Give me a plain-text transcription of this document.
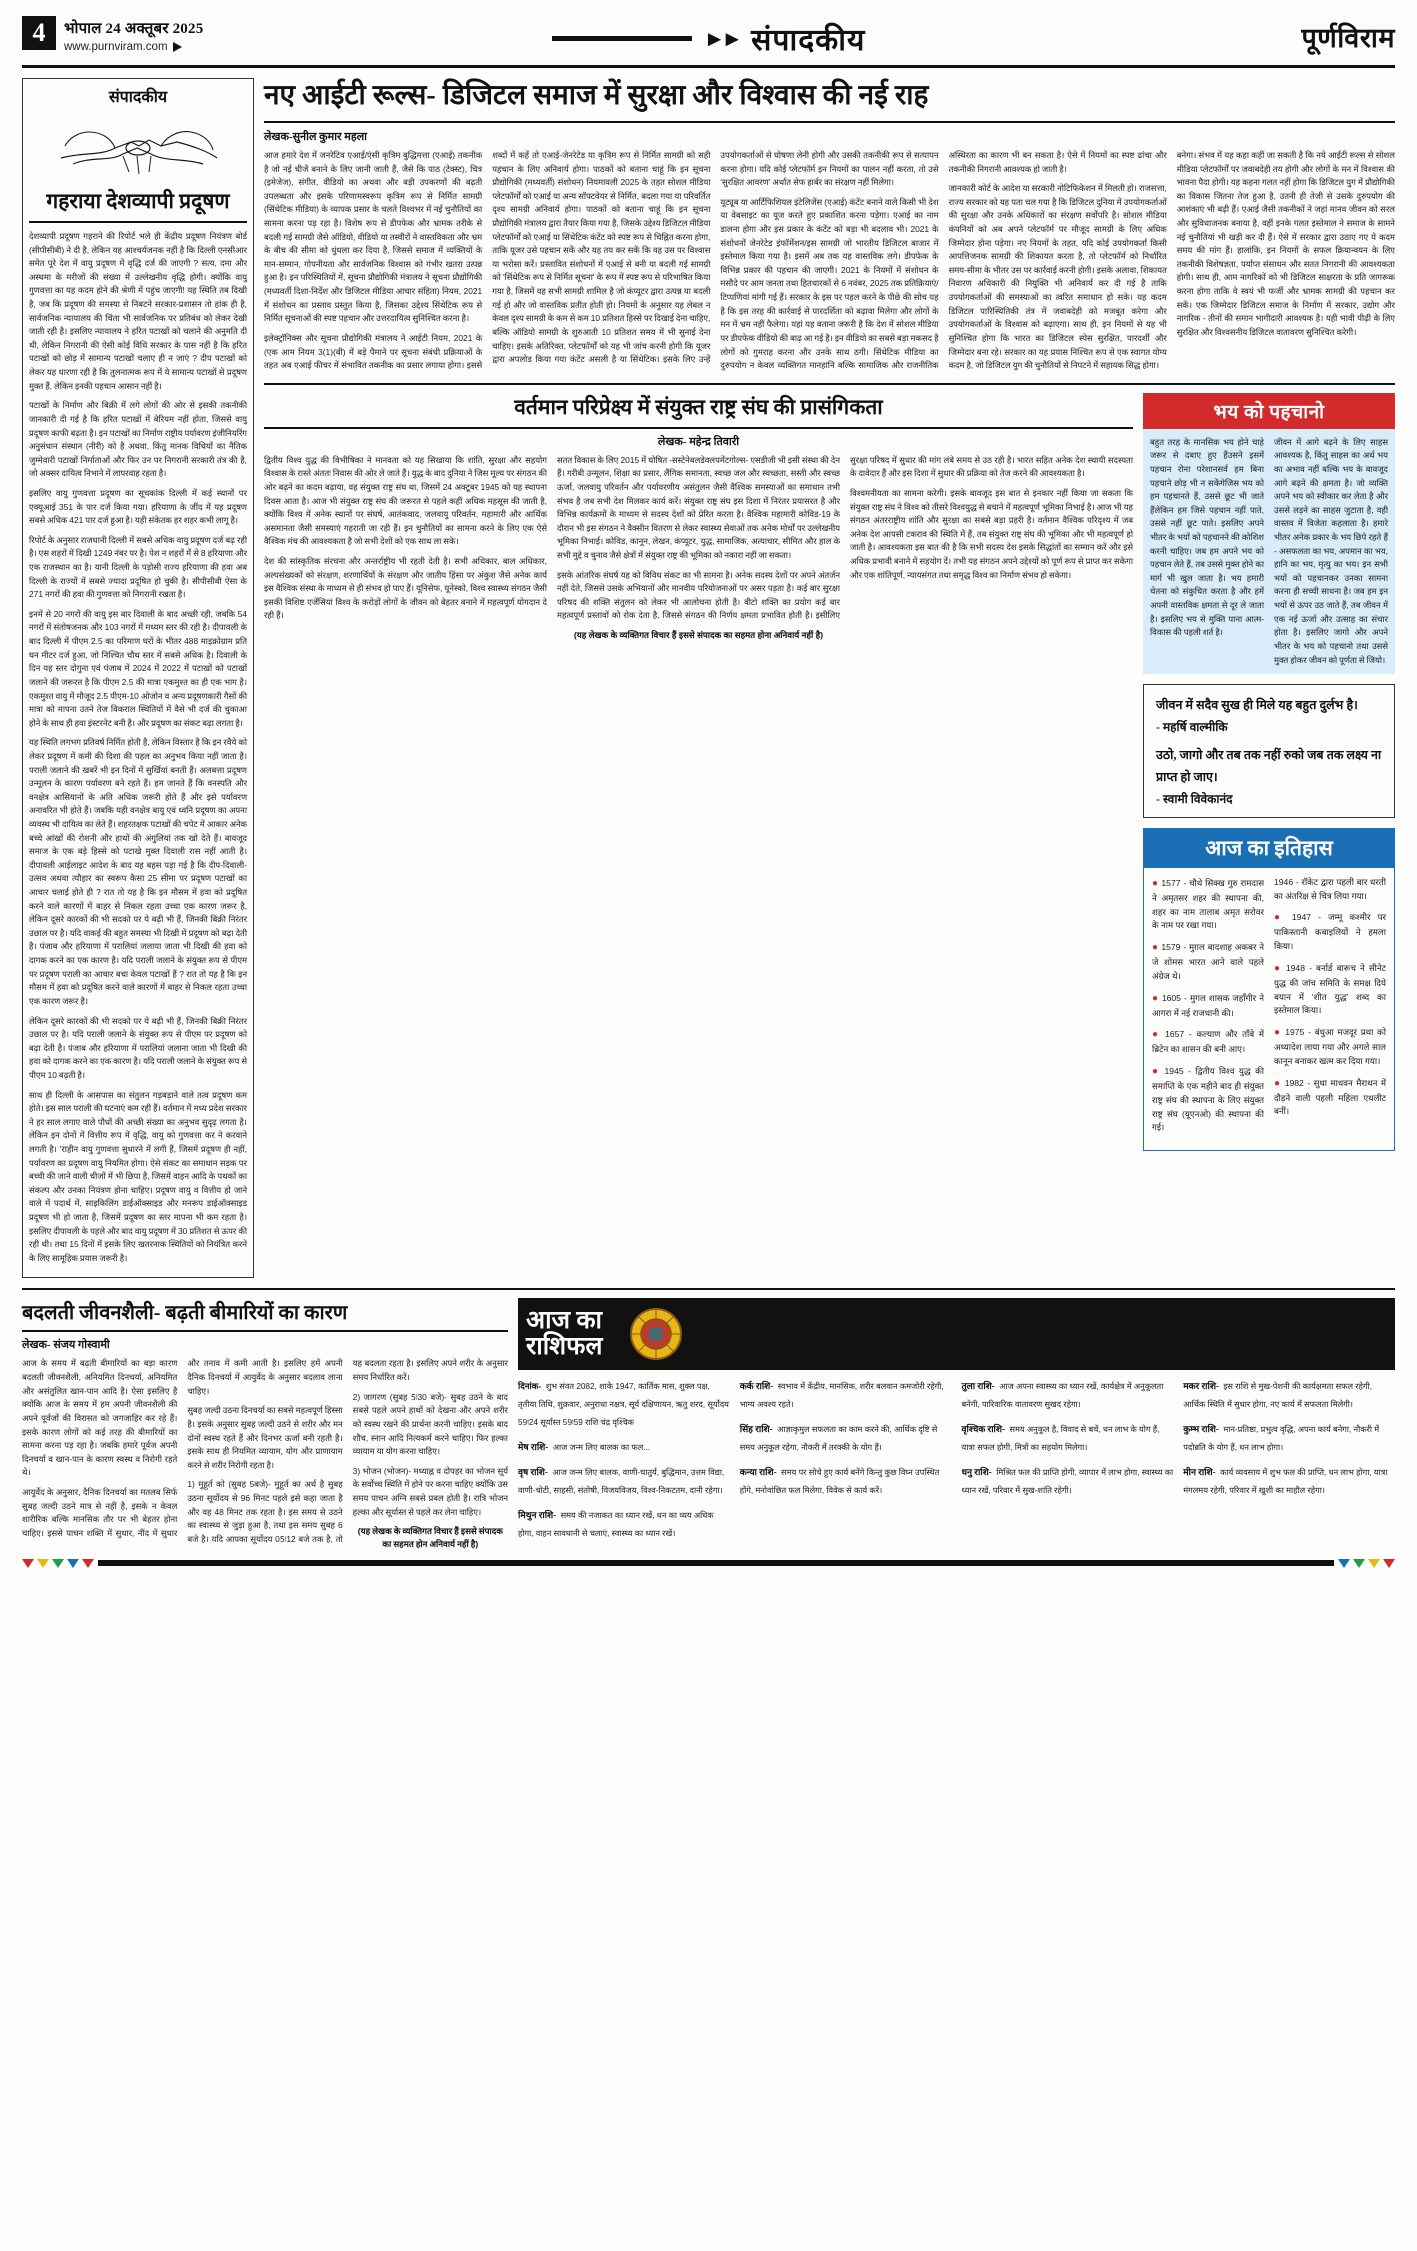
4	भोपाल 24 अक्तूबर 2025
www.purnviram.com	►► संपादकीय	पूर्णविराम
संपादकीय
गहराया देशव्यापी प्रदूषण

देशव्यापी प्रदूषण गहराने की रिपोर्ट भले ही केंद्रीय प्रदूषण नियंत्रण बोर्ड (सीपीसीबी) ने दी है, लेकिन यह आश्चर्यजनक नहीं है कि दिल्ली एनसीआर समेत पूरे देश में वायु प्रदूषण में वृद्धि दर्ज की जाएगी ? सत्य, दमा और अस्थमा के मरीजों की संख्या में उल्लेखनीय वृद्धि होगी। क्योंकि वायु गुणवत्ता का यह कदम होने की श्रेणी में पहुंच जाएगी! यह स्थिति तब दिखी है, जब कि प्रदूषण की समस्या से निबटने सरकार-प्रशासन तो हांक ही है, सार्वजनिक न्यायालय की चिंता भी सार्वजनिक पर प्रतिबंध को लेकर देखी जाती रही है। इसलिए न्यायालय ने हरित पटाखों को चलाने की अनुमति दी थी, लेकिन निगरानी की ऐसी कोई विधि सरकार के पास नहीं है कि हरित पटाखों को छोड़ में सामान्य पटाखों चलाए ही न जाएं ? दीप पटाखों को लेकर यह धारणा रही है कि तुलनात्मक रूप में ये सामान्य पटाखों से प्रदूषण मुक्त हैं, लेकिन इनकी पहचान आसान नहीं है।

पटाखों के निर्माण और बिक्री में लगे लोगों की ओर से इसकी तकनीकी जानकारी दी गई है कि हरित पटाखों में बेरियम नहीं होता, जिससे वायु प्रदूषण काफी बढ़ता है। इन पटाखों का निर्माण राष्ट्रीय पर्यावरण इंजीनियरिंग अनुसंधान संस्थान (नीरी) को है अथवा, किंतु मानक विधियों का नैतिक जुम्मेवारी पटाखों निर्माताओं और फिर उन पर निगरानी सरकारी तंत्र की है, जो अक्सर दायित्व निभाने में लापरवाह रहता है।

इसलिए वायु गुणवत्ता प्रदूषण का सूचकांक दिल्ली में कई स्थानों पर एक्यूआई 351 के पार दर्ज किया गया। हरियाणा के जींद में यह प्रदूषण सबसे अधिक 421 पार दर्ज हुआ है। यही संकेतक हर शहर कभी लागू है।

रिपोर्ट के अनुसार राजधानी दिल्ली में सबसे अधिक वायु प्रदूषण दर्ज बढ़ रही है। एस शहरों में दिखी 1249 नंबर पर है। पेश न शहरों में से 8 हरियाणा और एक राजस्थान का है। यानी दिल्ली के पड़ोसी राज्य हरियाणा की हवा अब दिल्ली के राज्यों में सबसे ज्यादा प्रदूषित हो चुकी है। सीपीसीबी ऐसा के 271 नगरों की हवा की गुणवत्ता को निगरानी रखता है।

इनमें से 20 नगरों की वायु इस बार दिवाली के बाद अच्छी रही, जबकि 54 नगरों में संतोषजनक और 103 नगरों में मध्यम स्तर की रही है। दीपावली के बाद दिल्ली में पीएम 2.5 का परिमाण घरों के भीतर 488 माइक्रोग्राम प्रति घन मीटर दर्ज हुआ, जो निश्चित चौथ स्तर में सबसे अधिक है। दिवाली के दिन यह स्तर दोगुना एवं पंजाब में 2024 में 2022 में पटाखों को पटाखों जलाने की जरूरत है कि पीएम 2.5 की मात्रा एकमुश्त का ही एक भाग है। एकमुश्त वायु में मौजूद 2.5 पीएम-10 ओजोन व अन्य प्रदूषणकारी गैसों की मात्रा को मापना उतने तेज विकराल स्थितियों में वैसे भी दर्ज की चुकाआ होने के साथ ही हवा इंस्टरनेट बनी है। और प्रदूषण का संकट बढ़ा लगता है।

यह स्थिति लगभग प्रतिवर्ष निर्मित होती है, लेकिन विस्तार है कि इन रवैये को लेकर प्रदूषण में कमी की दिशा की पहल का अनुभव किया नहीं जाता है। पराली जलाने की खबरें भी इन दिनों में सुर्खियां बनती हैं। अलबत्ता प्रदूषण उन्मूलन के कारण पर्यावरण बने रहते हैं। हम जानते हैं कि वनस्पति और वनक्षेत्र आसियानों के अति अधिक जरूरी होते हैं और इसे पर्यावरण अनावरित भी होते हैं। जबकि यही वनक्षेत्र बायु एवं ध्वनि प्रदूषण का अपना व्यवस्थ भी दायित्व का लेते हैं। शहरतक्षक पटाखों की चपेट में आकार अनेक बच्चे आंखों की रोशनी और हाथों की अंगुलियां तक खो देते हैं। बावजूद समाज के एक बड़े हिस्से को पटाखे मुक्त दिवाली रास नहीं आती है। दीपावली आईलाइट आदेश के बाद यह बहस पड़ा गई है कि दीप-दिवाली-उत्सव अथवा त्यौहार का स्वरूप कैसा 25 सीमा पर प्रदूषण पटाखों का आचार चलाई होते ही ? रात तो यह है कि इन मौसम में हवा को प्रदूषित करने वाले कारणों में बाहर से निकल रहता उच्चा एक कारण जरूर है, लेकिन दूसरे कारकों की भी सदको पर ये बढ़ी भी हैं, जिनकी बिक्री निरंतर उछाल पर है। यदि वाकई की बहुत समस्या भी दिखी में प्रदूषण को बढ़ा देती है। पंजाब और हरियाणा में परालियां जलाया जाता भी दिखी की हवा को दागक करने का एक कारण है। यदि पराली जलाने के संयुक्त रूप से पीएम पर प्रदूषण पराली का आचार बचा केवल पटाखों हैं ? रात तो यह है कि इन मौसम में हवा को प्रदूषित करने वाले कारणों में बाहर से निकल रहता उच्चा एक कारण जरूर है।

लेकिन दूसरे कारकों की भी सदको पर ये बढ़ी भी हैं, जिनकी बिक्री निरंतर उछाल पर है। यदि पराली जलाने के संयुक्त रूप से पीएम पर प्रदूषण को बढ़ा देती है। पंजाब और हरियाणा में परालियां जलाना जाता भी दिखी की हवा को दागक करने का एक कारण है। यदि पराली जलाने के संयुक्त रूप से पीएम 10 बढ़ती है।

साथ ही दिल्ली के आसपास का संतुलन गड़बड़ाने वाले तत्व प्रदूषण कम होते। इस साल पराली की घटनाएं कम रही हैं। वर्तमान में मध्य प्रदेश सरकार ने हर साल लगाए वाले पौधों की अच्छी संख्या का अनुभव सुदृढ़ लगता है। लेकिन इन दोनों में वित्तीय रूप में वृद्धि, वायु को गुणवत्ता कर ने करवाने लगती है। 'राहीन वायु गुणवत्ता सुधारने में लगी हैं, जिसमें प्रदूषण ही नहीं, पर्यावरण का प्रदूषण वायु नियमित होगा। ऐसे संकट का समाधान सड़क पर बच्ची की जाने वाली चीजों में भी छिपा है, जिसमें वाहन आदि के पथकों का संकल्प और उनका नियंत्रण होना चाहिए। प्रदूषण वायु व वित्तीय हो जाने वाले में पदार्थ में, साइकिलिंग डाईऑक्साइड और मनरूप डाईऑक्साइड प्रदूषण भी हो जाता है, जिसमें प्रदूषण का स्तर मापना भी कम रहता है। इसलिए दीपावली के पहले और बाद वायु प्रदूषण में 30 प्रतिशत से ऊपर की रही थी। तथा 15 दिनों में इसके लिए खतरनाक स्थितियों को नियंत्रित करने के लिए सामूहिक प्रयास जरूरी है।

नए आईटी रूल्स- डिजिटल समाज में सुरक्षा और विश्वास की नई राह
लेखक-सुनील कुमार महला

आज हमारे देश में जनरेटिव एआई/एंसी कृत्रिम बुद्धिमत्ता (एआई) तकनीक है जो नई चीजें बनाने के लिए जानी जाती हैं, जैसे कि पाठ (टेक्स्ट), चित्र (इमेजेज), संगीत, वीडियो का अथवा और बड़ी उपकरणों की बढ़ती उपलब्धता और इसके परिणामस्वरूप कृत्रिम रूप से निर्मित सामग्री (सिंथेटिक मीडिया) के व्यापक प्रसार के चलते विश्वभर में नई चुनौतियों का सामना करना पड़ रहा है। विशेष रूप से डीपफेक और भ्रामक तरीके से बदली गई सामग्री जैसे ऑडियो, वीडियो या तस्वीरों ने वास्तविकता और भ्रम के बीच की सीमा को धुंधला कर दिया है, जिससे समाज में व्यक्तियों के मान-सम्मान, गोपनीयता और सार्वजनिक विश्वास को गंभीर खतरा उत्पन्न हुआ है। इन परिस्थितियों में, सूचना प्रौद्योगिकी मंत्रालय ने सूचना प्रौद्योगिकी (मध्यवर्ती दिशा-निर्देश और डिजिटल मीडिया आचार संहिता) नियम, 2021 में संशोधन का प्रस्ताव प्रस्तुत किया है, जिसका उद्देश्य सिंथेटिक रूप से निर्मित सूचनाओं की स्पष्ट पहचान और उत्तरदायित्व सुनिश्चित करना है।

इलेक्ट्रॉनिक्स और सूचना प्रौद्योगिकी मंत्रालय ने आईटी नियम, 2021 के (एक आम नियम 3(1)(बी) में बड़े पैमाने पर सूचना संबंधी प्रक्रियाओं के तहत अब एआई फीचर में संभावित तकनीक का प्रसार लगाया होगा। इससे शब्दों में कहें तो एआई-जेनरेटेड या कृत्रिम रूप से निर्मित सामग्री को सही पहचान के लिए अनिवार्य होगा। पाठकों को बताना चाहूं कि इन सूचना प्रौद्योगिकी (मध्यवर्ती) संशोधन) नियमावली 2025 के तहत सोशल मीडिया प्लेटफॉर्मों को एआई या अन्य सॉफ्टवेयर से निर्मित, बदला गया या परिवर्तित दृश्य सामग्री अनिवार्य होगा। पाठकों को बताना चाहूं कि इन सूचना प्रौद्योगिकी मंत्रालय द्वारा तैयार किया गया है, जिसके उद्देश्य डिजिटल मीडिया प्लेटफॉर्मों को एआई या सिंथेटिक कंटेंट को स्पष्ट रूप से चिह्नित करना होगा, ताकि यूजर उसे पहचान सकें और यह तय कर सकें कि वह उस पर विश्वास या भरोसा करें। प्रस्तावित संशोधनों में एआई से बनी या बदली गई सामग्री को 'सिंथेटिक रूप से निर्मित सूचना' के रूप में स्पष्ट रूप से परिभाषित किया गया है, जिसमें वह सभी सामग्री शामिल है जो कंप्यूटर द्वारा उत्पन्न या बदली गई हो और जो वास्तविक प्रतीत होती हो। नियमों के अनुसार यह लेबल न केवल दृश्य सामग्री के कम से कम 10 प्रतिशत हिस्से पर दिखाई देना चाहिए, बल्कि ऑडियो सामग्री के शुरुआती 10 प्रतिशत समय में भी सुनाई देना चाहिए। इसके अतिरिक्त, प्लेटफॉर्मों को यह भी जांच करनी होगी कि यूजर द्वारा अपलोड किया गया कंटेंट असली है या सिंथेटिक। इसके लिए उन्हें उपयोगकर्ताओं से घोषणा लेनी होगी और उसकी तकनीकी रूप से सत्यापन करना होगा। यदि कोई प्लेटफॉर्म इन नियमों का पालन नहीं करता, तो उसे 'सुरक्षित आवरण' अर्थात सेफ हार्बर का संरक्षण नहीं मिलेगा।

यूट्यूब या आर्टिफिशियल इंटेलिजेंस (एआई) कंटेंट बनाने वाले किसी भी देश या वेबसाइट का यूज करते हुए प्रकाशित करना पड़ेगा। एआई का नाम डालना होगा और इस प्रकार के कंटेंट को बड़ा भी बदलाव भी। 2021 के संशोधनों जेनरेटेड इंफॉर्मेशन/इस सामग्री जो भारतीय डिजिटल बाजार में इस्तेमाल किया गया है। इसमें अब तक यह वास्तविक लगे। डीपफेक के विभिन्न प्रकार की पहचान की जाएगी। 2021 के नियमों में संशोधन के मसौदे पर आम जनता तथा हितधारकों से 6 नवंबर, 2025 तक प्रतिक्रियाएं/टिप्पणियां मांगी गई हैं। सरकार के इस पर पहल करने के पीछे की सोच यह है कि इस तरह की कार्रवाई से पारदर्शिता को बढ़ावा मिलेगा और लोगों के मन में भ्रम नहीं फैलेगा। यहां यह बताना जरूरी है कि देश में सोशल मीडिया पर डीपफेक वीडियो की बाढ़ आ गई है। इन वीडियो का सबसे बड़ा मकसद है लोगों को गुमराह करना और उनके साथ ठगी। सिंथेटिक मीडिया का दुरुपयोग न केवल व्यक्तिगत मानहानि बल्कि सामाजिक और राजनीतिक अस्थिरता का कारण भी बन सकता है। ऐसे में नियमों का स्पष्ट ढांचा और तकनीकी निगरानी आवश्यक हो जाती है।

जानकारी कोर्ट के आदेश या सरकारी नोटिफिकेशन में मिलती हो। राजसत्ता, राज्य सरकार को यह पता चल गया है कि डिजिटल दुनिया में उपयोगकर्ताओं की सुरक्षा और उनके अधिकारों का संरक्षण सर्वोपरि है। सोशल मीडिया कंपनियों को अब अपने प्लेटफॉर्म पर मौजूद सामग्री के लिए अधिक जिम्मेदार होना पड़ेगा। नए नियमों के तहत, यदि कोई उपयोगकर्ता किसी आपत्तिजनक सामग्री की शिकायत करता है, तो प्लेटफॉर्म को निर्धारित समय-सीमा के भीतर उस पर कार्रवाई करनी होगी। इसके अलावा, शिकायत निवारण अधिकारी की नियुक्ति भी अनिवार्य कर दी गई है ताकि उपयोगकर्ताओं की समस्याओं का त्वरित समाधान हो सके। यह कदम डिजिटल पारिस्थितिकी तंत्र में जवाबदेही को मजबूत करेगा और उपयोगकर्ताओं के विश्वास को बढ़ाएगा। साथ ही, इन नियमों से यह भी सुनिश्चित होगा कि भारत का डिजिटल स्पेस सुरक्षित, पारदर्शी और जिम्मेदार बना रहे। सरकार का यह प्रयास निश्चित रूप से एक स्वागत योग्य कदम है, जो डिजिटल युग की चुनौतियों से निपटने में सहायक सिद्ध होगा।

बनेगा। संभव में यह कहा कहीं जा सकती है कि नये आईटी रूल्स से सोशल मीडिया प्लेटफॉर्मों पर जवाबदेही तय होगी और लोगों के मन में विश्वास की भावना पैदा होगी। यह कहना गलत नहीं होगा कि डिजिटल युग में प्रौद्योगिकी का विकास जितना तेज हुआ है, उतनी ही तेजी से उसके दुरुपयोग की आशंकाएं भी बढ़ी हैं। एआई जैसी तकनीकों ने जहां मानव जीवन को सरल और सुविधाजनक बनाया है, वहीं इनके गलत इस्तेमाल ने समाज के सामने नई चुनौतियां भी खड़ी कर दी हैं। ऐसे में सरकार द्वारा उठाए गए ये कदम समय की मांग हैं। हालांकि, इन नियमों के सफल क्रियान्वयन के लिए तकनीकी विशेषज्ञता, पर्याप्त संसाधन और सतत निगरानी की आवश्यकता होगी। साथ ही, आम नागरिकों को भी डिजिटल साक्षरता के प्रति जागरूक करना होगा ताकि वे स्वयं भी फर्जी और भ्रामक सामग्री की पहचान कर सकें। एक जिम्मेदार डिजिटल समाज के निर्माण में सरकार, उद्योग और नागरिक - तीनों की समान भागीदारी आवश्यक है। यही भावी पीढ़ी के लिए सुरक्षित और विश्वसनीय डिजिटल वातावरण सुनिश्चित करेगी।

वर्तमान परिप्रेक्ष्य में संयुक्त राष्ट्र संघ की प्रासंगिकता
लेखक- महेन्द्र तिवारी

द्वितीय विश्व युद्ध की विभीषिका ने मानवता को यह सिखाया कि शांति, सुरक्षा और सहयोग विश्वास के रास्ते अंततः निवास की ओर ले जाते हैं। युद्ध के बाद दुनिया ने जिस मूल्य पर संगठन की ओर बढ़ने का कदम बढ़ाया, वह संयुक्त राष्ट्र संघ था, जिसमें 24 अक्टूबर 1945 को यह स्थापना दिवस आता है। आज भी संयुक्त राष्ट्र संघ की जरूरत से पहले कहीं अधिक महसूस की जाती है, क्योंकि विश्व में अनेक स्थानों पर संघर्ष, आतंकवाद, जलवायु परिवर्तन, महामारी और आर्थिक असमानता जैसी समस्याएं गहराती जा रही हैं। इन चुनौतियों का सामना करने के लिए एक ऐसे वैश्विक मंच की आवश्यकता है जो सभी देशों को एक साथ ला सके।

देश की सांस्कृतिक संरचना और अन्तर्राष्ट्रीय भी रहती देती है। सभी अधिकार, बाल अधिकार, अल्पसंख्यकों को संरक्षण, शरणार्थियों के संरक्षण और जातीय हिंसा पर अंकुश जैसे अनेक कार्य इस वैश्विक संस्था के माध्यम से ही संभव हो पाए हैं। यूनिसेफ, यूनेस्को, विश्व स्वास्थ्य संगठन जैसी इसकी विशिष्ट एजेंसियां विश्व के करोड़ों लोगों के जीवन को बेहतर बनाने में महत्वपूर्ण योगदान दे रही हैं।

सतत विकास के लिए 2015 में घोषित -सस्टेनेबलडेवलपमेंटगोल्स- एसडीजी भी इसी संस्था की देन हैं। गरीबी उन्मूलन, शिक्षा का प्रसार, लैंगिक समानता, स्वच्छ जल और स्वच्छता, सस्ती और स्वच्छ ऊर्जा, जलवायु परिवर्तन और पर्यावरणीय असंतुलन जैसी वैश्विक समस्याओं का समाधान तभी संभव है जब सभी देश मिलकर कार्य करें। संयुक्त राष्ट्र संघ इस दिशा में निरंतर प्रयासरत है और विभिन्न कार्यक्रमों के माध्यम से सदस्य देशों को प्रेरित करता है। वैश्विक महामारी कोविड-19 के दौरान भी इस संगठन ने वैक्सीन वितरण से लेकर स्वास्थ्य सेवाओं तक अनेक मोर्चों पर उल्लेखनीय भूमिका निभाई। कोविड, कानून, लेखन, कंप्यूटर, युद्ध, सामाजिक, अत्याचार, सीमित और हाल के सभी मुद्दे व चुनाव जैसे क्षेत्रों में संयुक्त राष्ट्र की भूमिका को नकारा नहीं जा सकता।

इसके आंतरिक संघर्ष यह को विविध संकट का भी सामना है। अनेक सदस्य देशों पर अपने अंतर्जन नहीं देते, जिससे उसके अभियानों और मानवीय परियोजनाओं पर असर पड़ता है। कई बार सुरक्षा परिषद की शक्ति संतुलन को लेकर भी आलोचना होती है। वीटो शक्ति का प्रयोग कई बार महत्वपूर्ण प्रस्तावों को रोक देता है, जिससे संगठन की निर्णय क्षमता प्रभावित होती है। इसीलिए सुरक्षा परिषद में सुधार की मांग लंबे समय से उठ रही है। भारत सहित अनेक देश स्थायी सदस्यता के दावेदार हैं और इस दिशा में सुधार की प्रक्रिया को तेज करने की आवश्यकता है।

विश्वमनीयता का सामना करेगी। इसके बावजूद इस बात से इनकार नहीं किया जा सकता कि संयुक्त राष्ट्र संघ ने विश्व को तीसरे विश्वयुद्ध से बचाने में महत्वपूर्ण भूमिका निभाई है। आज भी यह संगठन अंतरराष्ट्रीय शांति और सुरक्षा का सबसे बड़ा प्रहरी है। वर्तमान वैश्विक परिदृश्य में जब अनेक देश आपसी टकराव की स्थिति में हैं, तब संयुक्त राष्ट्र संघ की भूमिका और भी महत्वपूर्ण हो जाती है। आवश्यकता इस बात की है कि सभी सदस्य देश इसके सिद्धांतों का सम्मान करें और इसे अधिक प्रभावी बनाने में सहयोग दें। तभी यह संगठन अपने उद्देश्यों को पूर्ण रूप से प्राप्त कर सकेगा और एक शांतिपूर्ण, न्यायसंगत तथा समृद्ध विश्व का निर्माण संभव हो सकेगा।

(यह लेखक के व्यक्तिगत विचार हैं इससे संपादक का सहमत होना अनिवार्य नहीं है)
भय को पहचानो

बहुत तरह के मानसिक भय होने चाहे जरूर से दबाए हुए हैंउसने इसमें पहचान रोना परेशानसर्व हम बिना पहचाने छोड़ भी न सकेंगेजिस भय को हम पहचानते हैं, उससे छूट भी जाते हैंलेकिन हम जिसे पहचान नहीं पाते, उससे नहीं छूट पाते। इसलिए अपने भीतर के भयों को पहचानने की कोशिश करनी चाहिए। जब हम अपने भय को पहचान लेते हैं, तब उससे मुक्त होने का मार्ग भी खुल जाता है। भय हमारी चेतना को संकुचित करता है और हमें अपनी वास्तविक क्षमता से दूर ले जाता है। इसलिए भय से मुक्ति पाना आत्म-विकास की पहली शर्त है।

जीवन में आगे बढ़ने के लिए साहस आवश्यक है, किंतु साहस का अर्थ भय का अभाव नहीं बल्कि भय के बावजूद आगे बढ़ने की क्षमता है। जो व्यक्ति अपने भय को स्वीकार कर लेता है और उससे लड़ने का साहस जुटाता है, वही वास्तव में विजेता कहलाता है। हमारे भीतर अनेक प्रकार के भय छिपे रहते हैं - असफलता का भय, अपमान का भय, हानि का भय, मृत्यु का भय। इन सभी भयों को पहचानकर उनका सामना करना ही सच्ची साधना है। जब हम इन भयों से ऊपर उठ जाते हैं, तब जीवन में एक नई ऊर्जा और उत्साह का संचार होता है। इसलिए जागो और अपने भीतर के भय को पहचानो तथा उससे मुक्त होकर जीवन को पूर्णता से जियो।

जीवन में सदैव सुख ही मिले यह बहुत दुर्लभ है।
- महर्षि वाल्मीकि
उठो, जागो और तब तक नहीं रुको जब तक लक्ष्य ना प्राप्त हो जाए।
- स्वामी विवेकानंद
आज का इतिहास
● 1577 - चौथे सिक्ख गुरु रामदास ने अमृतसर शहर की स्थापना की, शहर का नाम तालाब अमृत सरोवर के नाम पर रखा गया।
● 1579 - मुग़ल बादशाह अकबर ने जे शोमस भारत आने वाले पहले अंग्रेज थे।
● 1605 - मुगल शासक जहाँगीर ने आगरा में नई राजधानी की।
● 1657 - कल्याण और ताँबे में ब्रिटेन का शासन की बनी आए।
● 1945 - द्वितीय विश्व युद्ध की समाप्ति के एक महीने बाद ही संयुक्त राष्ट्र संघ की स्थापना के लिए संयुक्त राष्ट्र संघ (यूएनओ) की स्थापना की गई।
1946 - रॉकेट द्वारा पहली बार धरती का अंतरिक्ष से चित्र लिया गया।
● 1947 - जम्मू कश्मीर पर पाकिस्तानी कबाइलियों ने हमला किया।
● 1948 - बर्नार्ड बारूच ने सीनेट युद्ध की जांच समिति के समक्ष दिये बयान में 'शीत युद्ध' शब्द का इस्तेमाल किया।
● 1975 - बंधुआ मजदूर प्रथा को अध्यादेश लाया गया और अगले साल कानून बनाकर खत्म कर दिया गया।
● 1982 - सुधा माधवन मैराथन में दौड़ने वाली पहली महिला एथलीट बनीं।
बदलती जीवनशैली- बढ़ती बीमारियों का कारण
लेखक- संजय गोस्वामी

आज के समय में बढ़ती बीमारियों का बड़ा कारण बदलती जीवनशैली, अनियमित दिनचर्या, अनियमित और असंतुलित खान-पान आदि है। ऐसा इसलिए है क्योंकि आज के समय में हम अपनी जीवनशैली की अपने पूर्वजों की विरासत को जगजाहिर कर रहे हैं। इसके कारण लोगों को कई तरह की बीमारियों का सामना करना पड़ रहा है। जबकि हमारे पूर्वज अपनी दिनचर्या व खान-पान के कारण स्वस्थ व निरोगी रहते थे।

आयुर्वेद के अनुसार, दैनिक दिनचर्या का मतलब सिर्फ सुबह जल्दी उठने मात्र से नहीं है, इसके न केवल शारीरिक बल्कि मानसिक तौर पर भी बेहतर होना चाहिए। इससे पाचन शक्ति में सुधार, नींद में सुधार और तनाव में कमी आती है। इसलिए हमें अपनी दैनिक दिनचर्या में आयुर्वेद के अनुसार बदलाव लाना चाहिए।

सुबह जल्दी उठना दिनचर्या का सबसे महत्वपूर्ण हिस्सा है। इसके अनुसार सुबह जल्दी उठने से शरीर और मन दोनों स्वस्थ रहते हैं और दिनभर ऊर्जा बनी रहती है। इसके साथ ही नियमित व्यायाम, योग और प्राणायाम करने से शरीर निरोगी रहता है।

1) मुहूर्त को (सुबह 5बजे)- मुहूर्त का अर्थ है सुबह उठना सूर्योदय से 96 मिनट पहले इसे कहा जाता है और वह 48 मिनट तक रहता है। इस समय से उठने का स्वास्थ्य से जुड़ा हुआ है, तथा इस समय सुबह 6 बजे है। यदि आपका सूर्योदय 05ः12 बजे तक है, तो यह बदलता रहता है। इसलिए अपने शरीर के अनुसार समय निर्धारित करें।

2) जागरण (सुबह 5ः30 बजे)- सुबह उठने के बाद सबसे पहले अपने हाथों को देखना और अपने शरीर को स्वस्थ रखने की प्रार्थना करनी चाहिए। इसके बाद शौच, स्नान आदि नित्यकर्म करने चाहिए। फिर हल्का व्यायाम या योग करना चाहिए।

3) भोजन (भोजन)- मध्याह्न व दोपहर का भोजन सूर्य के सर्वोच्च स्थिति में होने पर करना चाहिए क्योंकि उस समय पाचन अग्नि सबसे प्रबल होती है। रात्रि भोजन हल्का और सूर्यास्त से पहले कर लेना चाहिए।

(यह लेखक के व्यक्तिगत विचार हैं इससे संपादक का सहमत होन अनिवार्य नहीं है)

आज का
राशिफल
दिनांक- शुभ संवत 2082, शाके 1947, कार्तिक मास, शुक्ल पक्ष, तृतीया तिथि, शुक्रवार, अनुराधा नक्षत्र, सूर्य दक्षिणायन, ऋतु शरद, सूर्योदय 59ः24 सूर्यास्त 59ः59 राशि चंद्र वृश्चिक
मेष राशि- आज जन्म लिए बालक का फल...
वृष राशि- आज जन्म लिए बालक, वाणी-चातुर्य, बुद्धिमान, उत्तम विद्या, वाणी-चोटी, साहसी, संतोषी, विजयविजय, विश्व-निकटतम, दानी रहेगा।
मिथुन राशि- समय की नजाकत का ध्यान रखें, धन का व्यय अधिक होगा, वाहन सावधानी से चलाएं, स्वास्थ्य का ध्यान रखें।
कर्क राशि- स्वभाव में केंद्रीय, मानसिक, शरीर बलवान कमजोरी रहेगी, भाग्य अवश्य रहते।
सिंह राशि- आज्ञाकृमुल सफलता का काम करने की, आर्थिक दृष्टि से समय अनुकूल रहेगा, नौकरी में तरक्की के योग हैं।
कन्या राशि- समय पर सोचे हुए कार्य बनेंगे किन्तु कुछ विघ्न उपस्थित होंगे, मनोवांछित फल मिलेगा, विवेक से कार्य करें।
तुला राशि- आज अपना स्वास्थ्य का ध्यान रखें, कार्यक्षेत्र में अनुकूलता बनेगी, पारिवारिक वातावरण सुखद रहेगा।
वृश्चिक राशि- समय अनुकूल है, विवाद से बचें, धन लाभ के योग हैं, यात्रा सफल होगी, मित्रों का सहयोग मिलेगा।
धनु राशि- मिश्रित फल की प्राप्ति होगी, व्यापार में लाभ होगा, स्वास्थ्य का ध्यान रखें, परिवार में सुख-शांति रहेगी।
मकर राशि- इस राशि से मुख-पेशनी की कार्यक्षमता सफल रहेगी, आर्थिक स्थिति में सुधार होगा, नए कार्य में सफलता मिलेगी।
कुम्भ राशि- मान-प्रतिष्ठा, प्रभुत्व वृद्धि, अपना कार्य बनेगा, नौकरी में पदोन्नति के योग हैं, धन लाभ होगा।
मीन राशि- कार्य व्यवसाय में शुभ फल की प्राप्ति, धन लाभ होगा, यात्रा मंगलमय रहेगी, परिवार में खुशी का माहौल रहेगा।
